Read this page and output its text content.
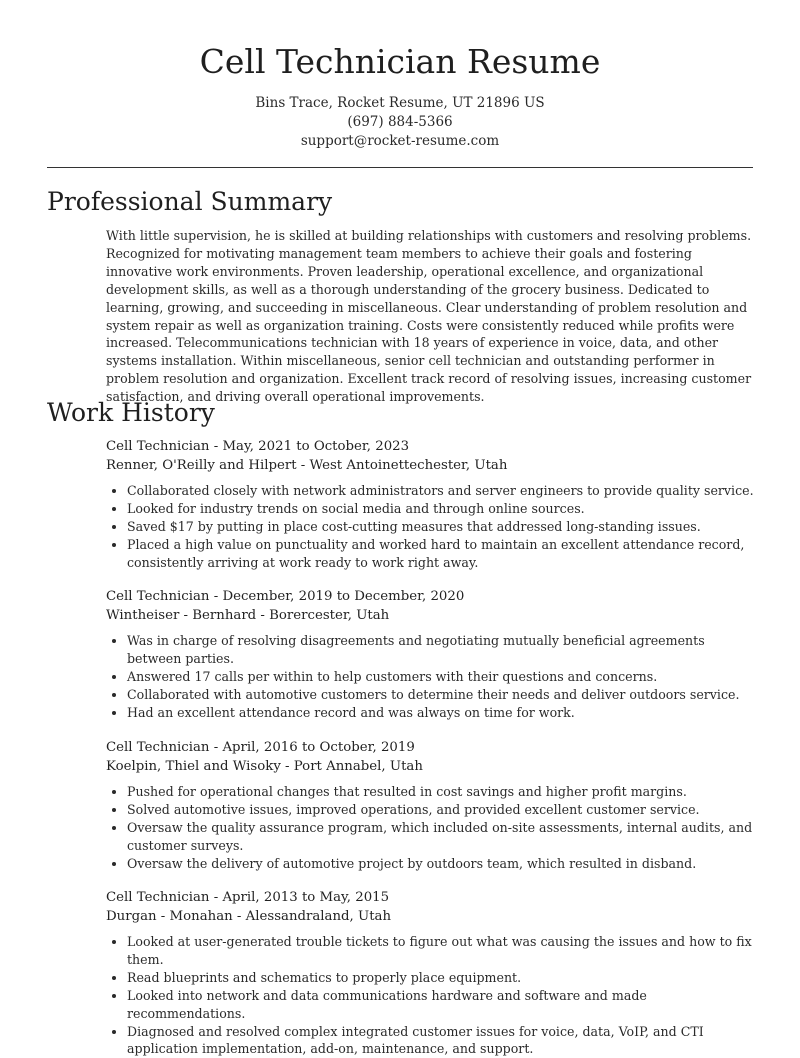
Cell Technician Resume
Bins Trace, Rocket Resume, UT 21896 US
(697) 884-5366
support@rocket-resume.com
Professional Summary

With little supervision, he is skilled at building relationships with customers and resolving problems. Recognized for motivating management team members to achieve their goals and fostering innovative work environments. Proven leadership, operational excellence, and organizational development skills, as well as a thorough understanding of the grocery business. Dedicated to learning, growing, and succeeding in miscellaneous. Clear understanding of problem resolution and system repair as well as organization training. Costs were consistently reduced while profits were increased. Telecommunications technician with 18 years of experience in voice, data, and other systems installation. Within miscellaneous, senior cell technician and outstanding performer in problem resolution and organization. Excellent track record of resolving issues, increasing customer satisfaction, and driving overall operational improvements.

Work History
Cell Technician - May, 2021 to October, 2023
Renner, O'Reilly and Hilpert - West Antoinettechester, Utah
• Collaborated closely with network administrators and server engineers to provide quality service.
• Looked for industry trends on social media and through online sources.
• Saved $17 by putting in place cost-cutting measures that addressed long-standing issues.
• Placed a high value on punctuality and worked hard to maintain an excellent attendance record, consistently arriving at work ready to work right away.
Cell Technician - December, 2019 to December, 2020
Wintheiser - Bernhard - Borercester, Utah
• Was in charge of resolving disagreements and negotiating mutually beneficial agreements between parties.
• Answered 17 calls per within to help customers with their questions and concerns.
• Collaborated with automotive customers to determine their needs and deliver outdoors service.
• Had an excellent attendance record and was always on time for work.
Cell Technician - April, 2016 to October, 2019
Koelpin, Thiel and Wisoky - Port Annabel, Utah
• Pushed for operational changes that resulted in cost savings and higher profit margins.
• Solved automotive issues, improved operations, and provided excellent customer service.
• Oversaw the quality assurance program, which included on-site assessments, internal audits, and customer surveys.
• Oversaw the delivery of automotive project by outdoors team, which resulted in disband.
Cell Technician - April, 2013 to May, 2015
Durgan - Monahan - Alessandraland, Utah
• Looked at user-generated trouble tickets to figure out what was causing the issues and how to fix them.
• Read blueprints and schematics to properly place equipment.
• Looked into network and data communications hardware and software and made recommendations.
• Diagnosed and resolved complex integrated customer issues for voice, data, VoIP, and CTI application implementation, add-on, maintenance, and support.
